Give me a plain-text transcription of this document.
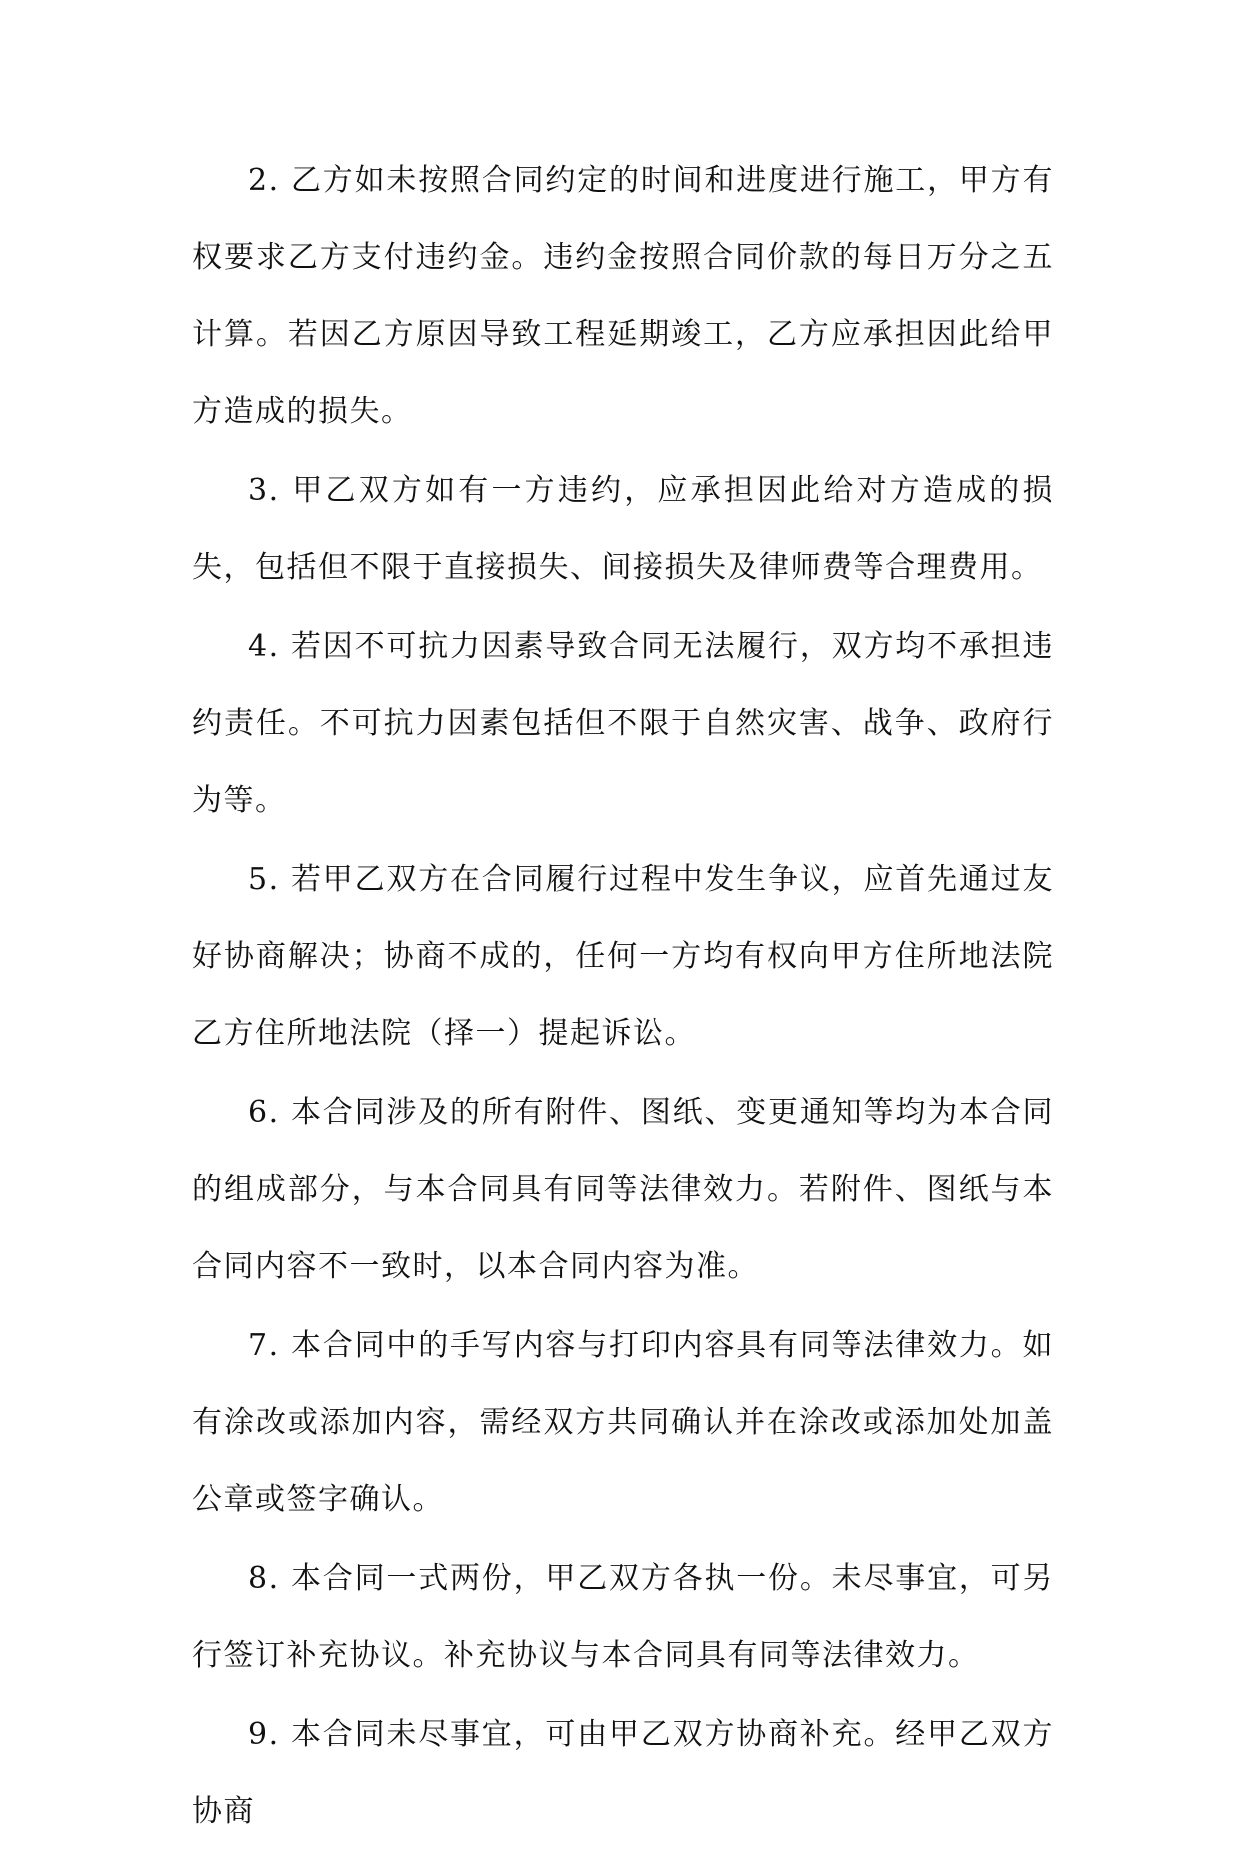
2. 乙方如未按照合同约定的时间和进度进行施工，甲方有权要求乙方支付违约金。违约金按照合同价款的每日万分之五计算。若因乙方原因导致工程延期竣工，乙方应承担因此给甲方造成的损失。

3. 甲乙双方如有一方违约，应承担因此给对方造成的损失，包括但不限于直接损失、间接损失及律师费等合理费用。

4. 若因不可抗力因素导致合同无法履行，双方均不承担违约责任。不可抗力因素包括但不限于自然灾害、战争、政府行为等。

5. 若甲乙双方在合同履行过程中发生争议，应首先通过友好协商解决；协商不成的，任何一方均有权向甲方住所地法院乙方住所地法院（择一）提起诉讼。

6. 本合同涉及的所有附件、图纸、变更通知等均为本合同的组成部分，与本合同具有同等法律效力。若附件、图纸与本合同内容不一致时，以本合同内容为准。

7. 本合同中的手写内容与打印内容具有同等法律效力。如有涂改或添加内容，需经双方共同确认并在涂改或添加处加盖公章或签字确认。

8. 本合同一式两份，甲乙双方各执一份。未尽事宜，可另行签订补充协议。补充协议与本合同具有同等法律效力。

9. 本合同未尽事宜，可由甲乙双方协商补充。经甲乙双方协商
